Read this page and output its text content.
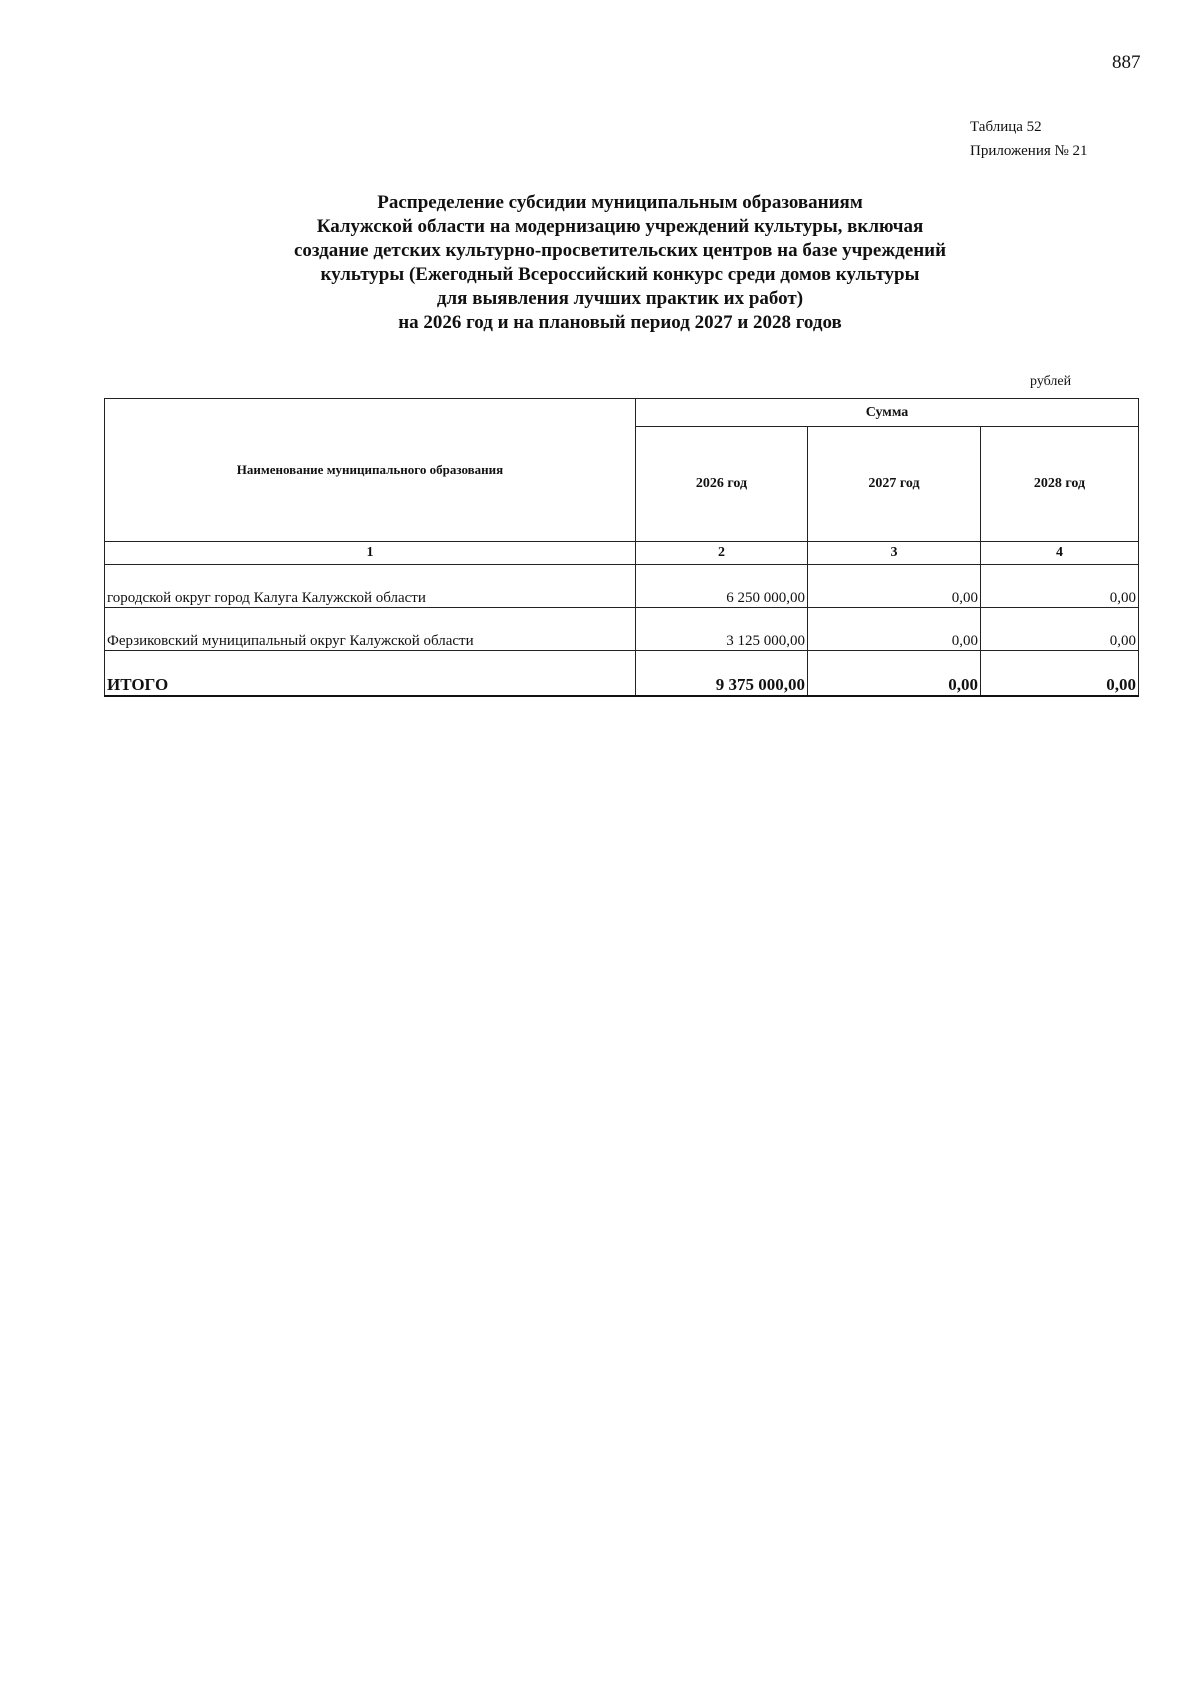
887
Таблица 52
Приложения № 21
Распределение субсидии муниципальным образованиям
Калужской области на модернизацию учреждений культуры, включая
создание детских культурно-просветительских центров на базе учреждений
культуры (Ежегодный Всероссийский конкурс среди домов культуры
для выявления лучших практик их работ)
на 2026 год и на плановый период 2027 и 2028 годов
рублей
Наименование муниципального образования	Сумма		
	2026 год	2027 год	2028 год
1	2	3	4
городской округ город Калуга Калужской области	6 250 000,00	0,00	0,00
Ферзиковский муниципальный округ Калужской области	3 125 000,00	0,00	0,00
ИТОГО	9 375 000,00	0,00	0,00
